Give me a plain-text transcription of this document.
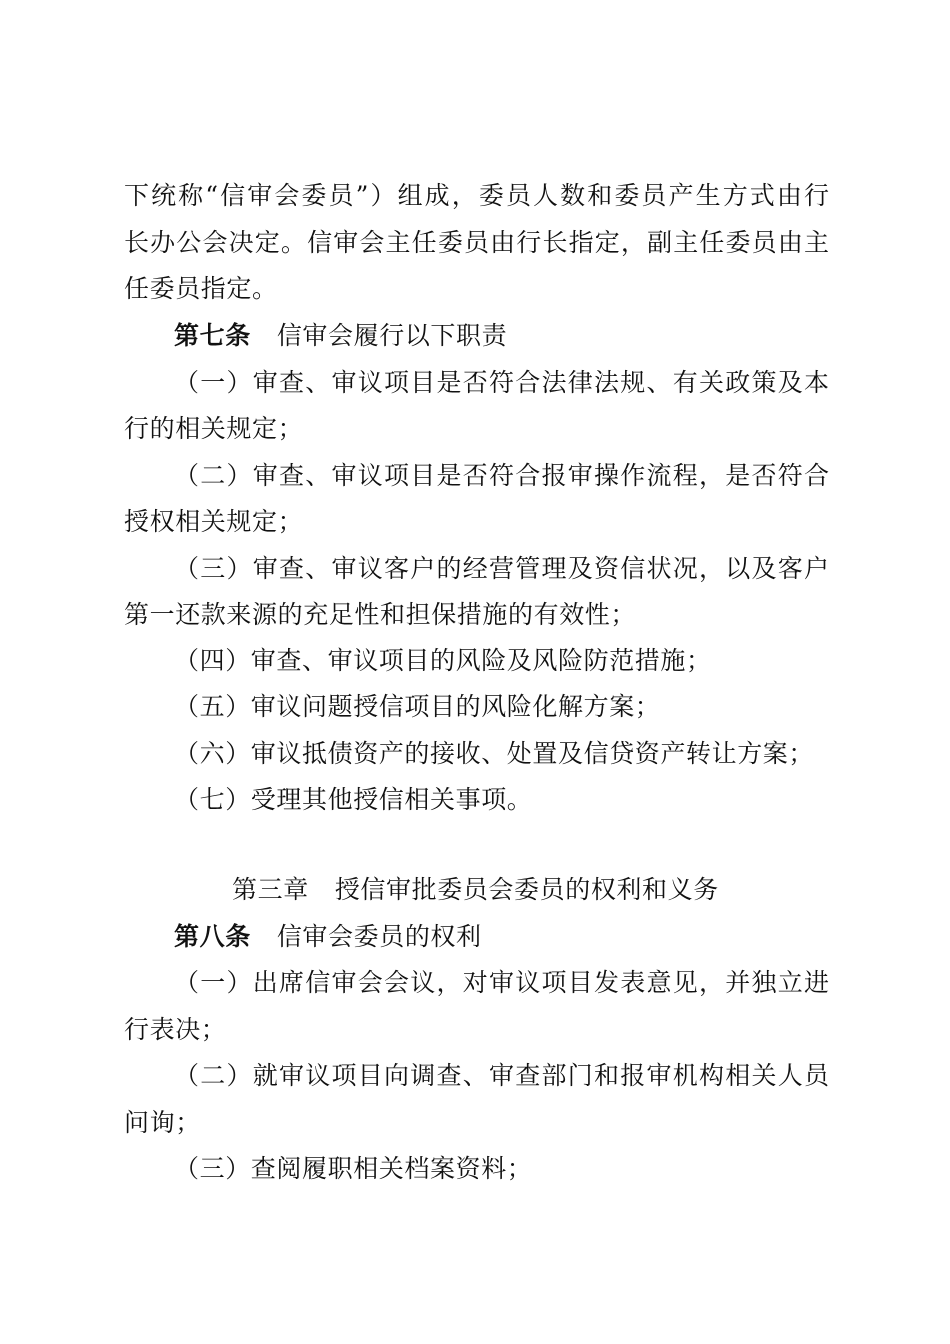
下统称“信审会委员”）组成，委员人数和委员产生方式由行
长办公会决定。信审会主任委员由行长指定，副主任委员由主
任委员指定。
第七条 信审会履行以下职责
（一）审查、审议项目是否符合法律法规、有关政策及本
行的相关规定；
（二）审查、审议项目是否符合报审操作流程，是否符合
授权相关规定；
（三）审查、审议客户的经营管理及资信状况，以及客户
第一还款来源的充足性和担保措施的有效性；
（四）审查、审议项目的风险及风险防范措施；
（五）审议问题授信项目的风险化解方案；
（六）审议抵债资产的接收、处置及信贷资产转让方案；
（七）受理其他授信相关事项。
第三章 授信审批委员会委员的权利和义务
第八条 信审会委员的权利
（一）出席信审会会议，对审议项目发表意见，并独立进
行表决；
（二）就审议项目向调查、审查部门和报审机构相关人员
问询；
（三）查阅履职相关档案资料；
